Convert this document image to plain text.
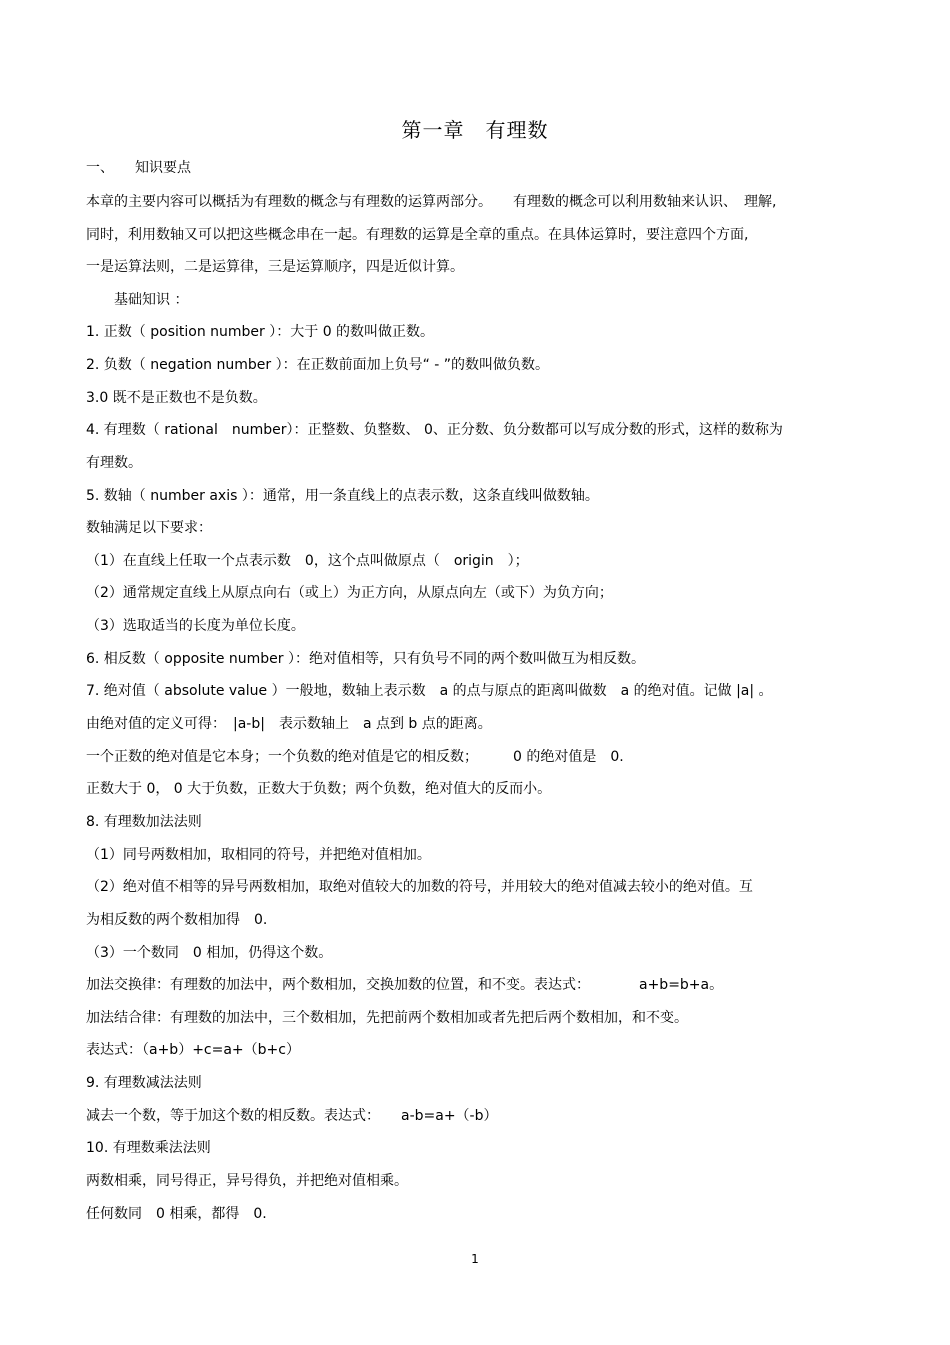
第一章　有理数
一、　　知识要点
本章的主要内容可以概括为有理数的概念与有理数的运算两部分。　　有理数的概念可以利用数轴来认识、　理解,
同时，利用数轴又可以把这些概念串在一起。有理数的运算是全章的重点。在具体运算时，要注意四个方面,
一是运算法则，二是运算律，三是运算顺序，四是近似计算。
　　基础知识 ：
1. 正数（ position number ）：大于 0 的数叫做正数。
2. 负数（ negation number ）：在正数前面加上负号“ - ”的数叫做负数。
3.0 既不是正数也不是负数。
4. 有理数（ rational　number）：正整数、负整数、 0、正分数、负分数都可以写成分数的形式，这样的数称为
有理数。
5. 数轴（ number axis ）：通常，用一条直线上的点表示数，这条直线叫做数轴。
数轴满足以下要求：
（1）在直线上任取一个点表示数　0，这个点叫做原点（　origin　）；
（2）通常规定直线上从原点向右（或上）为正方向，从原点向左（或下）为负方向；
（3）选取适当的长度为单位长度。
6. 相反数（ opposite number ）：绝对值相等，只有负号不同的两个数叫做互为相反数。
7. 绝对值（ absolute value ）一般地，数轴上表示数　a 的点与原点的距离叫做数　a 的绝对值。记做 |a| 。
由绝对值的定义可得：　|a-b|　表示数轴上　a 点到 b 点的距离。
一个正数的绝对值是它本身；一个负数的绝对值是它的相反数；　　　0 的绝对值是　0.
正数大于 0， 0 大于负数，正数大于负数；两个负数，绝对值大的反而小。
8. 有理数加法法则
（1）同号两数相加，取相同的符号，并把绝对值相加。
（2）绝对值不相等的异号两数相加，取绝对值较大的加数的符号，并用较大的绝对值减去较小的绝对值。互
为相反数的两个数相加得　0.
（3）一个数同　0 相加，仍得这个数。
加法交换律：有理数的加法中，两个数相加，交换加数的位置，和不变。表达式：　　　　a+b=b+a。
加法结合律：有理数的加法中，三个数相加，先把前两个数相加或者先把后两个数相加，和不变。
表达式：（a+b）+c=a+（b+c）
9. 有理数减法法则
减去一个数，等于加这个数的相反数。表达式：　　a-b=a+（-b）
10. 有理数乘法法则
两数相乘，同号得正，异号得负，并把绝对值相乘。
任何数同　0 相乘，都得　0.
1
